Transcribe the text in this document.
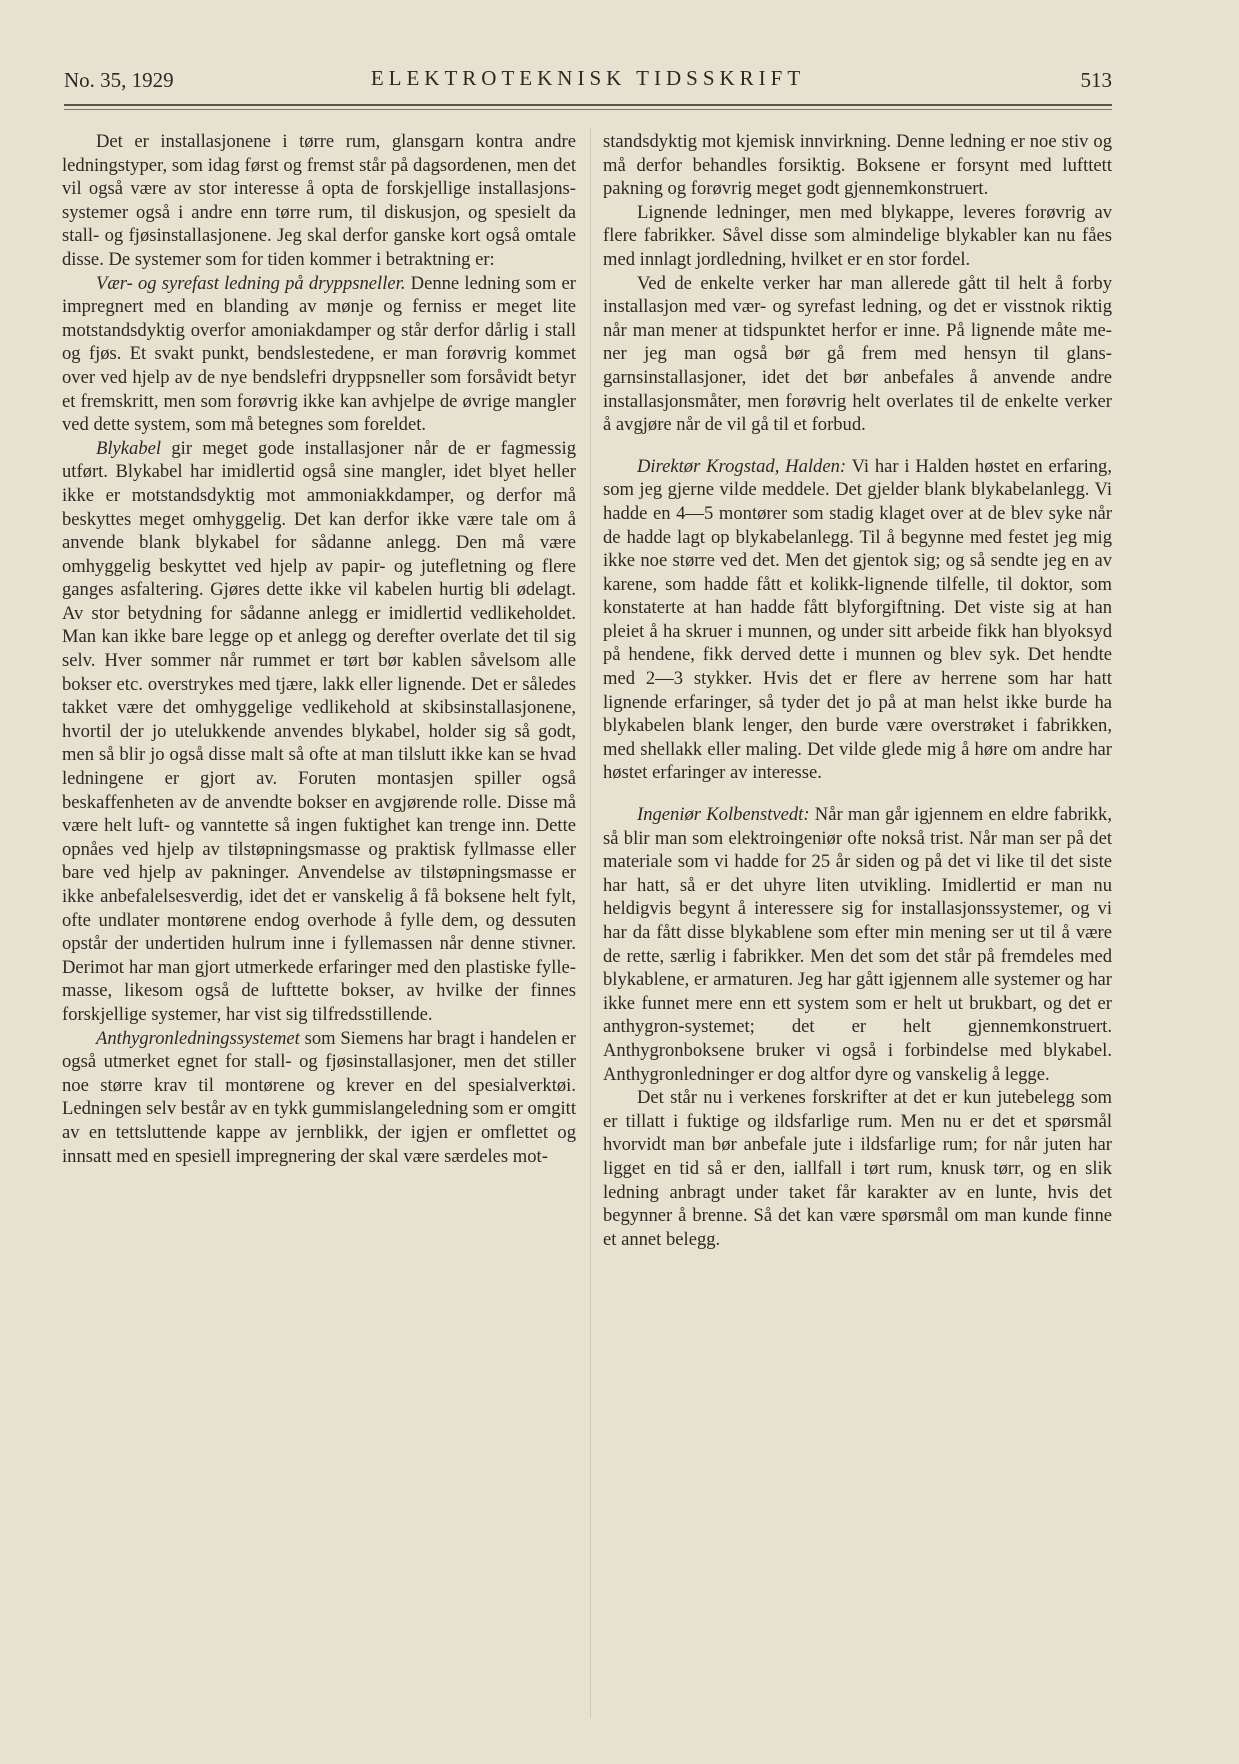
No. 35, 1929	ELEKTROTEKNISK TIDSSKRIFT	513

Det er installasjonene i tørre rum, glansgarn kontra andre ledningstyper, som idag først og fremst står på dagsordenen, men det vil også være av stor interesse å opta de forskjellige installasjonssystemer også i andre enn tørre rum, til diskusjon, og spesielt da stall- og fjøsinstallasjonene. Jeg skal derfor ganske kort også omtale disse. De systemer som for tiden kommer i betraktning er:

Vær- og syrefast ledning på dryppsneller. Denne ledning som er impregnert med en blanding av mønje og ferniss er meget lite motstandsdyktig overfor amoniakdamper og står derfor dårlig i stall og fjøs. Et svakt punkt, bendslestedene, er man forøvrig kommet over ved hjelp av de nye bendslefri dryppsneller som forsåvidt betyr et fremskritt, men som forøvrig ikke kan avhjelpe de øvrige mangler ved dette system, som må betegnes som foreldet.

Blykabel gir meget gode installasjoner når de er fagmessig utført. Blykabel har imidlertid også sine mangler, idet blyet heller ikke er motstandsdyktig mot ammoniakkdamper, og derfor må beskyttes meget omhyggelig. Det kan derfor ikke være tale om å anvende blank blykabel for sådanne anlegg. Den må være omhyggelig beskyttet ved hjelp av papir- og jutefletning og flere ganges asfaltering. Gjøres dette ikke vil kabelen hurtig bli ødelagt. Av stor betydning for sådanne anlegg er imidlertid vedlikeholdet. Man kan ikke bare legge op et anlegg og derefter overlate det til sig selv. Hver sommer når rummet er tørt bør kablen såvelsom alle bokser etc. overstrykes med tjære, lakk eller lignende. Det er således takket være det omhyggelige vedlikehold at skibsinstallasjonene, hvortil der jo utelukkende anvendes blykabel, holder sig så godt, men så blir jo også disse malt så ofte at man tilslutt ikke kan se hvad ledningene er gjort av. Foruten montasjen spiller også beskaffenheten av de anvendte bokser en avgjørende rolle. Disse må være helt luft- og vanntette så ingen fuktighet kan trenge inn. Dette opnåes ved hjelp av tilstøpningsmasse og praktisk fyllmasse eller bare ved hjelp av pakninger. Anvendelse av tilstøpningsmasse er ikke anbefalelsesverdig, idet det er vanskelig å få boksene helt fylt, ofte undlater montørene endog overhode å fylle dem, og dessuten opstår der undertiden hulrum inne i fyllemassen når denne stivner. Derimot har man gjort utmerkede erfaringer med den plastiske fyllemasse, likesom også de lufttette bokser, av hvilke der finnes forskjellige systemer, har vist sig tilfredsstillende.

Anthygronledningssystemet som Siemens har bragt i handelen er også utmerket egnet for stall- og fjøsinstallasjoner, men det stiller noe større krav til montørene og krever en del spesialverktøi. Ledningen selv består av en tykk gummislangeledning som er omgitt av en tettsluttende kappe av jernblikk, der igjen er omflettet og innsatt med en spesiell impregnering der skal være særdeles mot-

standsdyktig mot kjemisk innvirkning. Denne ledning er noe stiv og må derfor behandles forsiktig. Boksene er forsynt med lufttett pakning og forøvrig meget godt gjennemkonstruert.

Lignende ledninger, men med blykappe, leveres forøvrig av flere fabrikker. Såvel disse som almindelige blykabler kan nu fåes med innlagt jordledning, hvilket er en stor fordel.

Ved de enkelte verker har man allerede gått til helt å forby installasjon med vær- og syrefast ledning, og det er visstnok riktig når man mener at tidspunktet herfor er inne. På lignende måte mener jeg man også bør gå frem med hensyn til glansgarnsinstallasjoner, idet det bør anbefales å anvende andre installasjonsmåter, men forøvrig helt overlates til de enkelte verker å avgjøre når de vil gå til et forbud.

Direktør Krogstad, Halden: Vi har i Halden høstet en erfaring, som jeg gjerne vilde meddele. Det gjelder blank blykabelanlegg. Vi hadde en 4—5 montører som stadig klaget over at de blev syke når de hadde lagt op blykabelanlegg. Til å begynne med festet jeg mig ikke noe større ved det. Men det gjentok sig; og så sendte jeg en av karene, som hadde fått et kolikk-lignende tilfelle, til doktor, som konstaterte at han hadde fått blyforgiftning. Det viste sig at han pleiet å ha skruer i munnen, og under sitt arbeide fikk han blyoksyd på hendene, fikk derved dette i munnen og blev syk. Det hendte med 2—3 stykker. Hvis det er flere av herrene som har hatt lignende erfaringer, så tyder det jo på at man helst ikke burde ha blykabelen blank lenger, den burde være overstrøket i fabrikken, med shellakk eller maling. Det vilde glede mig å høre om andre har høstet erfaringer av interesse.

Ingeniør Kolbenstvedt: Når man går igjennem en eldre fabrikk, så blir man som elektroingeniør ofte nokså trist. Når man ser på det materiale som vi hadde for 25 år siden og på det vi like til det siste har hatt, så er det uhyre liten utvikling. Imidlertid er man nu heldigvis begynt å interessere sig for installasjonssystemer, og vi har da fått disse blykablene som efter min mening ser ut til å være de rette, særlig i fabrikker. Men det som det står på fremdeles med blykablene, er armaturen. Jeg har gått igjennem alle systemer og har ikke funnet mere enn ett system som er helt ut brukbart, og det er anthygron-systemet; det er helt gjennemkonstruert. Anthygronboksene bruker vi også i forbindelse med blykabel. Anthygronledninger er dog altfor dyre og vanskelig å legge.

Det står nu i verkenes forskrifter at det er kun jutebelegg som er tillatt i fuktige og ildsfarlige rum. Men nu er det et spørsmål hvorvidt man bør anbefale jute i ildsfarlige rum; for når juten har ligget en tid så er den, iallfall i tørt rum, knusk tørr, og en slik ledning anbragt under taket får karakter av en lunte, hvis det begynner å brenne. Så det kan være spørsmål om man kunde finne et annet belegg.
